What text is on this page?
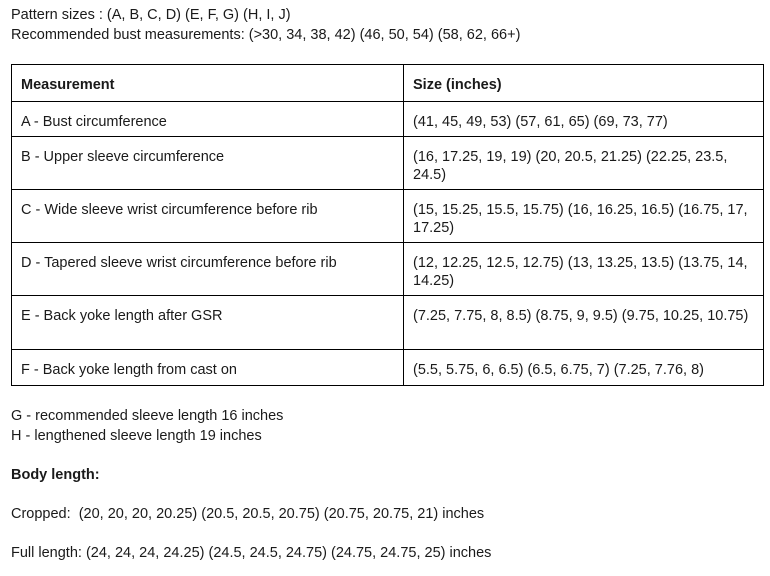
Pattern sizes : (A, B, C, D) (E, F, G) (H, I, J)
Recommended bust measurements: (>30, 34, 38, 42) (46, 50, 54) (58, 62, 66+)
Measurement	Size (inches)
A - Bust circumference	(41, 45, 49, 53) (57, 61, 65) (69, 73, 77)
B - Upper sleeve circumference	(16, 17.25, 19, 19) (20, 20.5, 21.25) (22.25, 23.5, 24.5)
C - Wide sleeve wrist circumference before rib	(15, 15.25, 15.5, 15.75) (16, 16.25, 16.5) (16.75, 17, 17.25)
D - Tapered sleeve wrist circumference before rib	(12, 12.25, 12.5, 12.75) (13, 13.25, 13.5) (13.75, 14, 14.25)
E - Back yoke length after GSR	(7.25, 7.75, 8, 8.5) (8.75, 9, 9.5) (9.75, 10.25, 10.75)
F - Back yoke length from cast on	(5.5, 5.75, 6, 6.5) (6.5, 6.75, 7) (7.25, 7.76, 8)
G - recommended sleeve length 16 inches
H - lengthened sleeve length 19 inches
Body length:
Cropped:  (20, 20, 20, 20.25) (20.5, 20.5, 20.75) (20.75, 20.75, 21) inches
Full length: (24, 24, 24, 24.25) (24.5, 24.5, 24.75) (24.75, 24.75, 25) inches
